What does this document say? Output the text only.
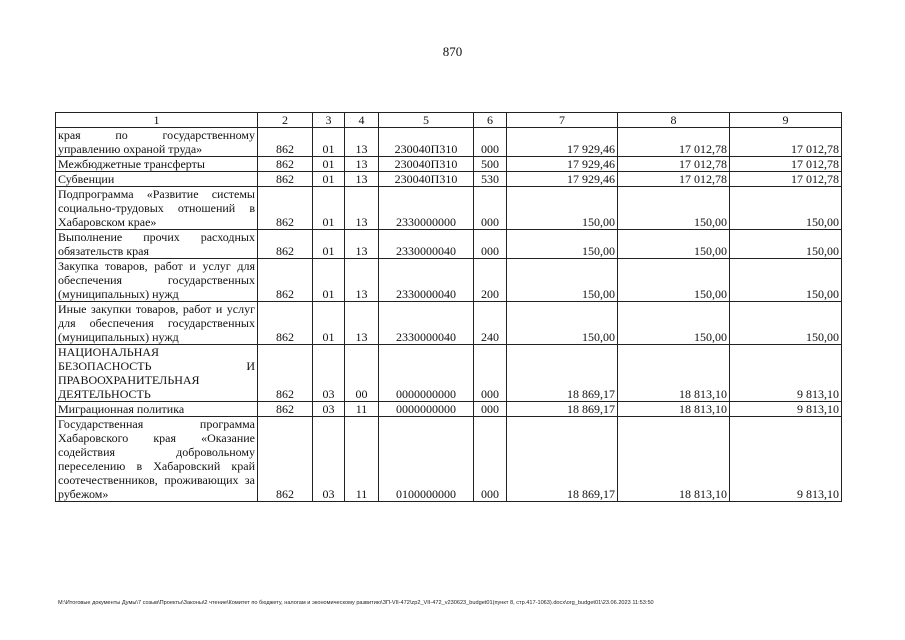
870
1	2	3	4	5	6	7	8	9
края по государственному управлению охраной труда»	862	01	13	230040П310	000	17 929,46	17 012,78	17 012,78
Межбюджетные трансферты	862	01	13	230040П310	500	17 929,46	17 012,78	17 012,78
Субвенции	862	01	13	230040П310	530	17 929,46	17 012,78	17 012,78
Подпрограмма «Развитие системы социально-трудовых отношений в Хабаровском крае»	862	01	13	2330000000	000	150,00	150,00	150,00
Выполнение прочих расходных обязательств края	862	01	13	2330000040	000	150,00	150,00	150,00
Закупка товаров, работ и услуг для обеспечения государственных (муниципальных) нужд	862	01	13	2330000040	200	150,00	150,00	150,00
Иные закупки товаров, работ и услуг для обеспечения государственных (муниципальных) нужд	862	01	13	2330000040	240	150,00	150,00	150,00
НАЦИОНАЛЬНАЯ БЕЗОПАСНОСТЬ И ПРАВООХРАНИТЕЛЬНАЯ ДЕЯТЕЛЬНОСТЬ	862	03	00	0000000000	000	18 869,17	18 813,10	9 813,10
Миграционная политика	862	03	11	0000000000	000	18 869,17	18 813,10	9 813,10
Государственная программа Хабаровского края «Оказание содействия добровольному переселению в Хабаровский край соотечественников, проживающих за рубежом»	862	03	11	0100000000	000	18 869,17	18 813,10	9 813,10
M:\Итоговые документы Думы\7 созыв\Проекты\Законы\2 чтение\Комитет по бюджету, налогам и экономическому развитию\ЗП-VII-472\zp2_VII-472_v230623_budget01(пункт 8, стр.417-1063).docx\org_budget01\23.06.2023 11:53:50
